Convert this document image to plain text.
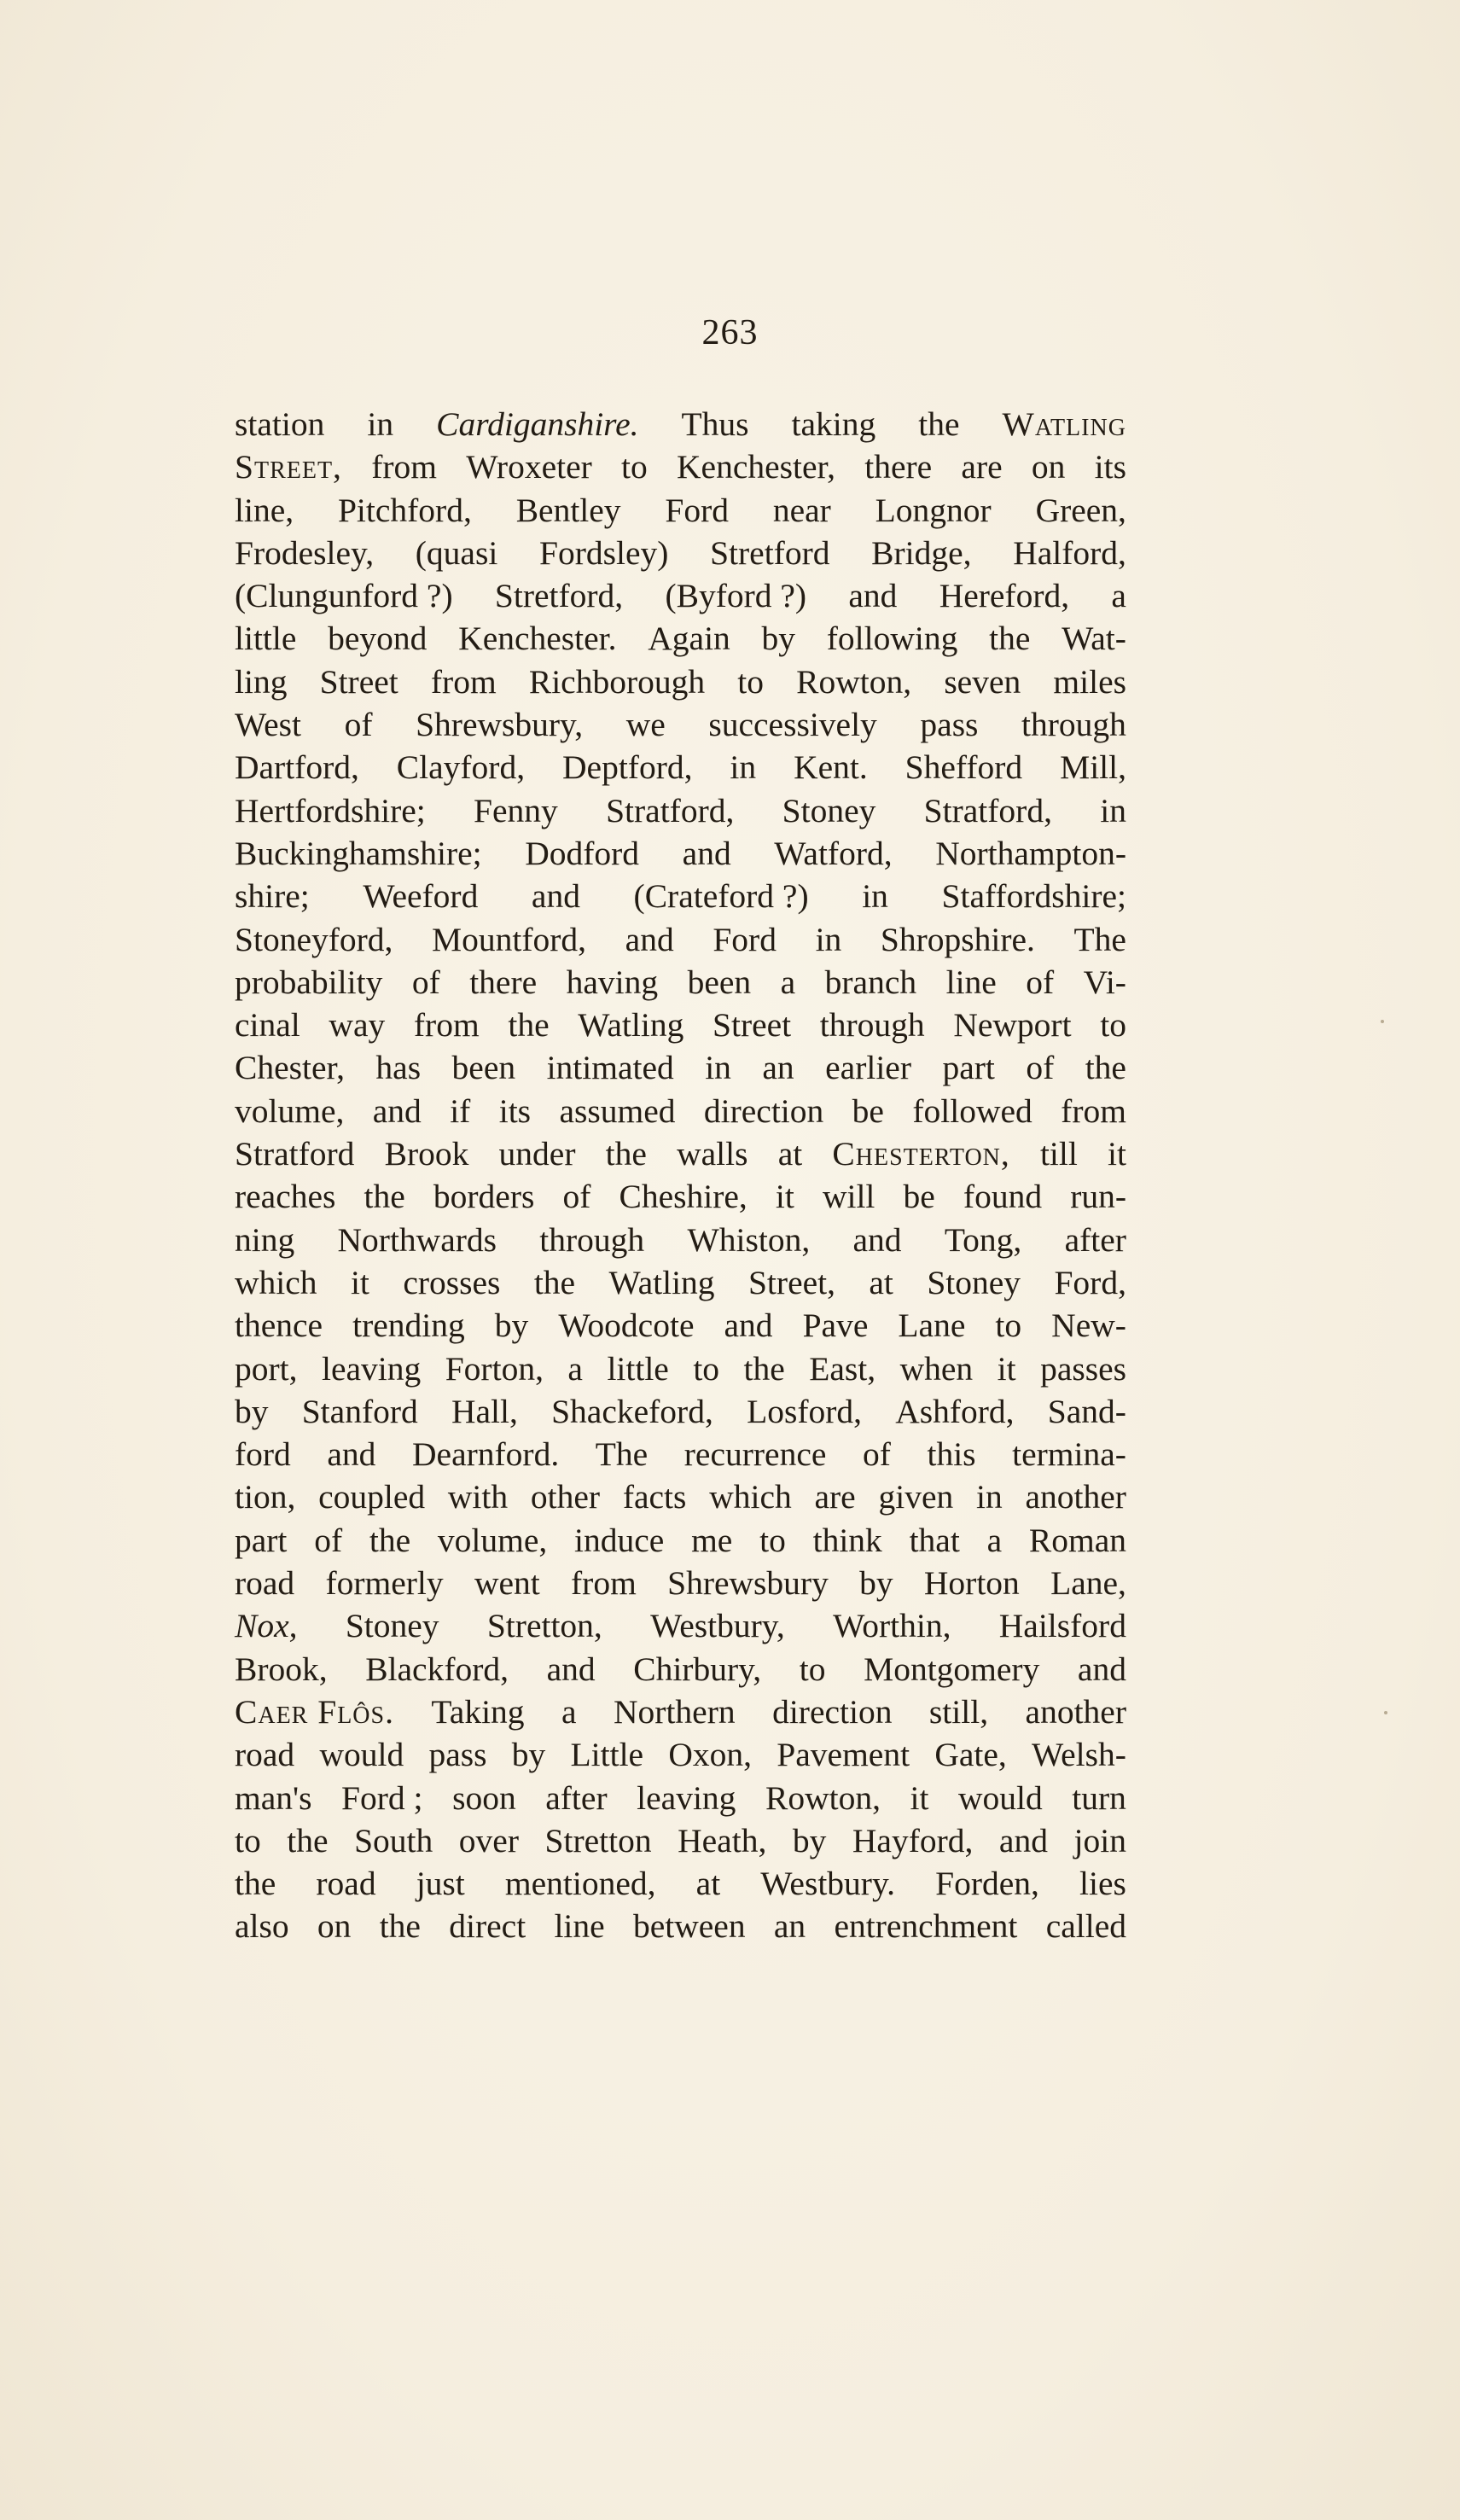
263
station in Cardiganshire. Thus taking the Watling
Street, from Wroxeter to Kenchester, there are on its
line, Pitchford, Bentley Ford near Longnor Green,
Frodesley, (quasi Fordsley) Stretford Bridge, Halford,
(Clungunford ?) Stretford, (Byford ?) and Hereford, a
little beyond Kenchester. Again by following the Wat-
ling Street from Richborough to Rowton, seven miles
West of Shrewsbury, we successively pass through
Dartford, Clayford, Deptford, in Kent. Shefford Mill,
Hertfordshire; Fenny Stratford, Stoney Stratford, in
Buckinghamshire; Dodford and Watford, Northampton-
shire; Weeford and (Crateford ?) in Staffordshire;
Stoneyford, Mountford, and Ford in Shropshire. The
probability of there having been a branch line of Vi-
cinal way from the Watling Street through Newport to
Chester, has been intimated in an earlier part of the
volume, and if its assumed direction be followed from
Stratford Brook under the walls at Chesterton, till it
reaches the borders of Cheshire, it will be found run-
ning Northwards through Whiston, and Tong, after
which it crosses the Watling Street, at Stoney Ford,
thence trending by Woodcote and Pave Lane to New-
port, leaving Forton, a little to the East, when it passes
by Stanford Hall, Shackeford, Losford, Ashford, Sand-
ford and Dearnford. The recurrence of this termina-
tion, coupled with other facts which are given in another
part of the volume, induce me to think that a Roman
road formerly went from Shrewsbury by Horton Lane,
Nox, Stoney Stretton, Westbury, Worthin, Hailsford
Brook, Blackford, and Chirbury, to Montgomery and
Caer Flôs. Taking a Northern direction still, another
road would pass by Little Oxon, Pavement Gate, Welsh-
man's Ford ; soon after leaving Rowton, it would turn
to the South over Stretton Heath, by Hayford, and join
the road just mentioned, at Westbury. Forden, lies
also on the direct line between an entrenchment called
